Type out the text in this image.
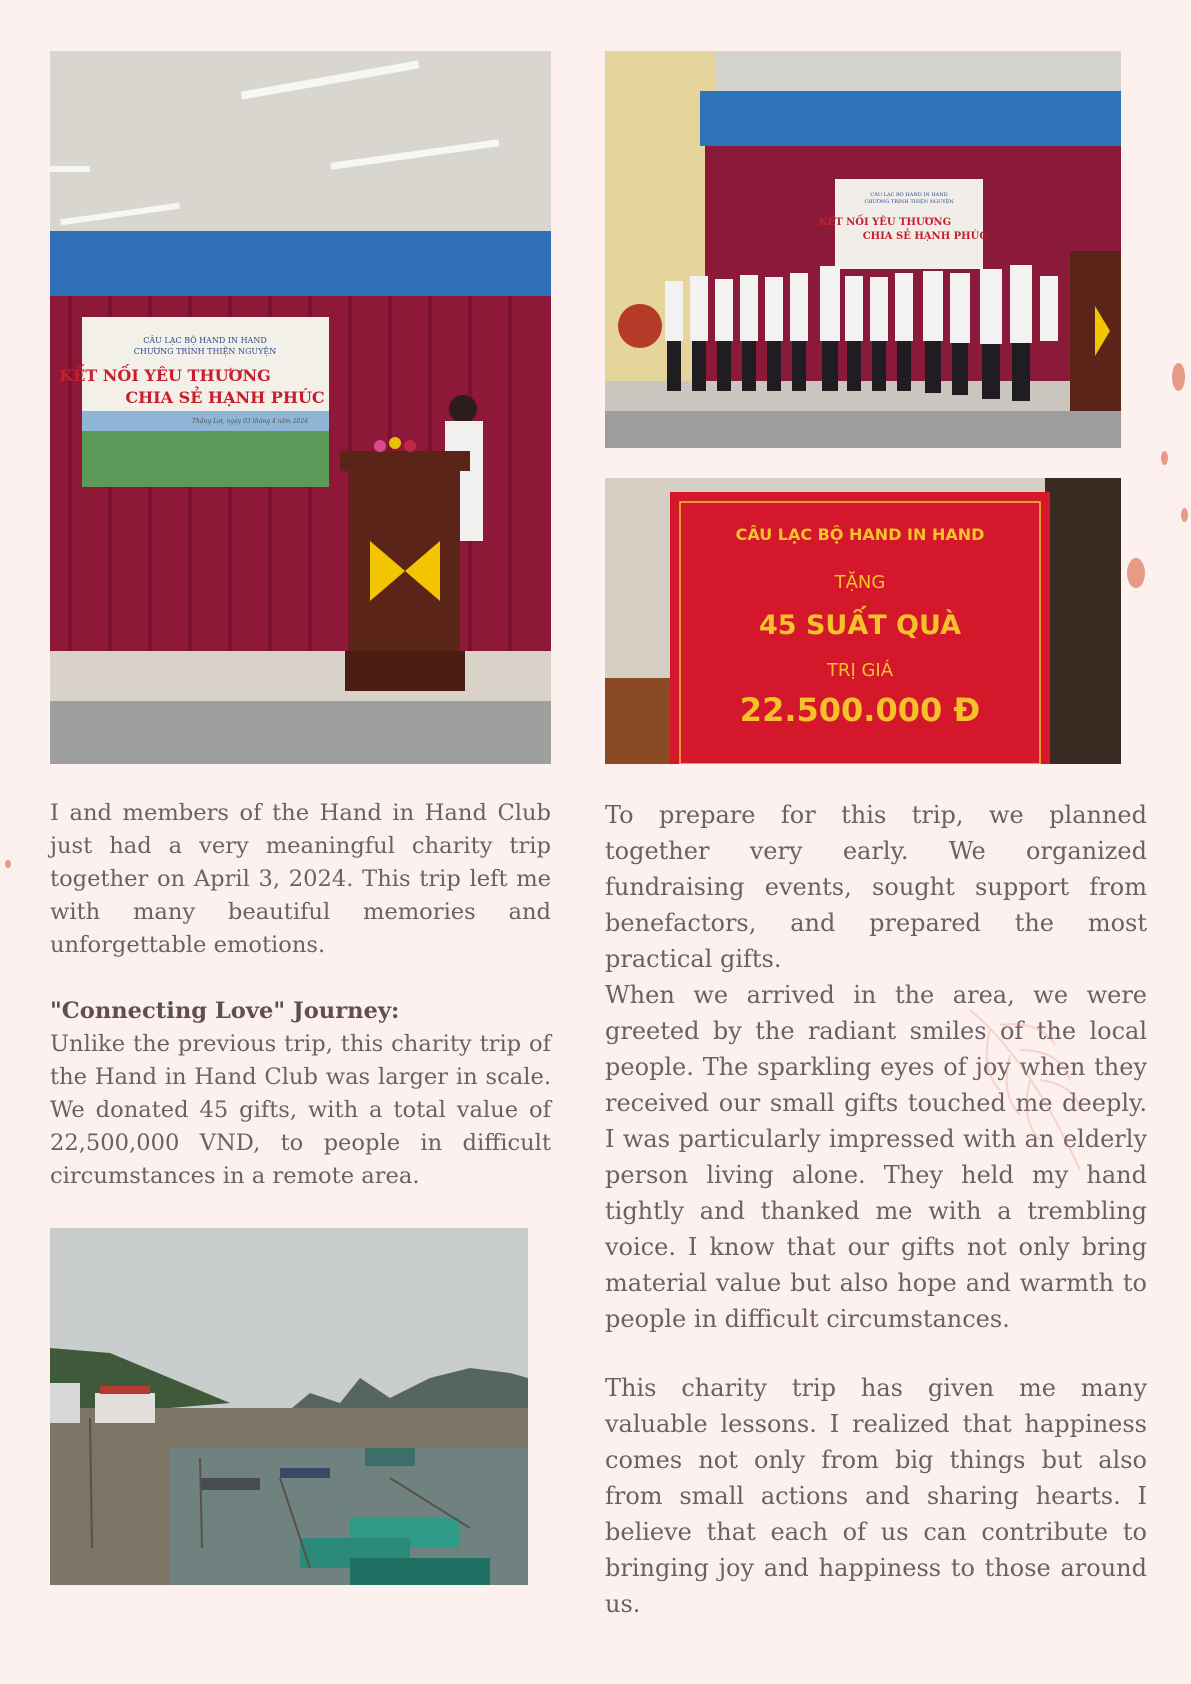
CÂU LẠC BỘ HAND IN HAND
CHƯƠNG TRÌNH THIỆN NGUYỆN
KẾT NỐI YÊU THƯƠNG
CHIA SẺ HẠNH PHÚC
Thắng Lợi, ngày 03 tháng 4 năm 2024
CÂU LẠC BỘ HAND IN HAND
CHƯƠNG TRÌNH THIỆN NGUYỆN
KẾT NỐI YÊU THƯƠNG
CHIA SẺ HẠNH PHÚC
CÂU LẠC BỘ HAND IN HAND
TẶNG
45 SUẤT QUÀ
TRỊ GIÁ
22.500.000 Đ

I and members of the Hand in Hand Club just had a very meaningful charity trip together on April 3, 2024. This trip left me with many beautiful memories and unforgettable emotions.

"Connecting Love" Journey:

Unlike the previous trip, this charity trip of the Hand in Hand Club was larger in scale. We donated 45 gifts, with a total value of 22,500,000 VND, to people in difficult circumstances in a remote area.

To prepare for this trip, we planned together very early. We organized fundraising events, sought support from benefactors, and prepared the most practical gifts.

When we arrived in the area, we were greeted by the radiant smiles of the local people. The sparkling eyes of joy when they received our small gifts touched me deeply. I was particularly impressed with an elderly person living alone. They held my hand tightly and thanked me with a trembling voice. I know that our gifts not only bring material value but also hope and warmth to people in difficult circumstances.

This charity trip has given me many valuable lessons. I realized that happiness comes not only from big things but also from small actions and sharing hearts. I believe that each of us can contribute to bringing joy and happiness to those around us.
